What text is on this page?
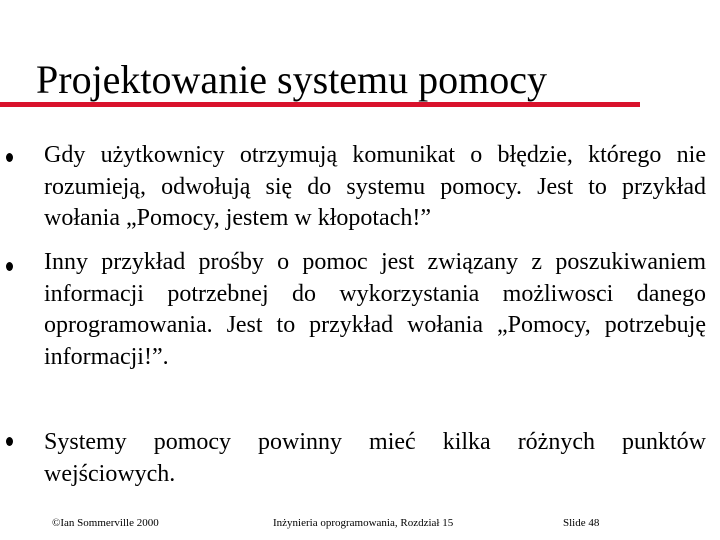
Projektowanie systemu pomocy

Gdy użytkownicy otrzymują komunikat o błędzie, którego nie rozumieją, odwołują się do systemu pomocy. Jest to przykład wołania „Pomocy, jestem w kłopotach!”

Inny przykład prośby o pomoc jest związany z poszukiwaniem informacji potrzebnej do wykorzystania możliwosci danego oprogramowania. Jest to przykład wołania „Pomocy, potrzebuję informacji!”.

Systemy pomocy powinny mieć kilka różnych punktów wejściowych.

©Ian Sommerville 2000	Inżynieria oprogramowania, Rozdział 15	Slide 48
